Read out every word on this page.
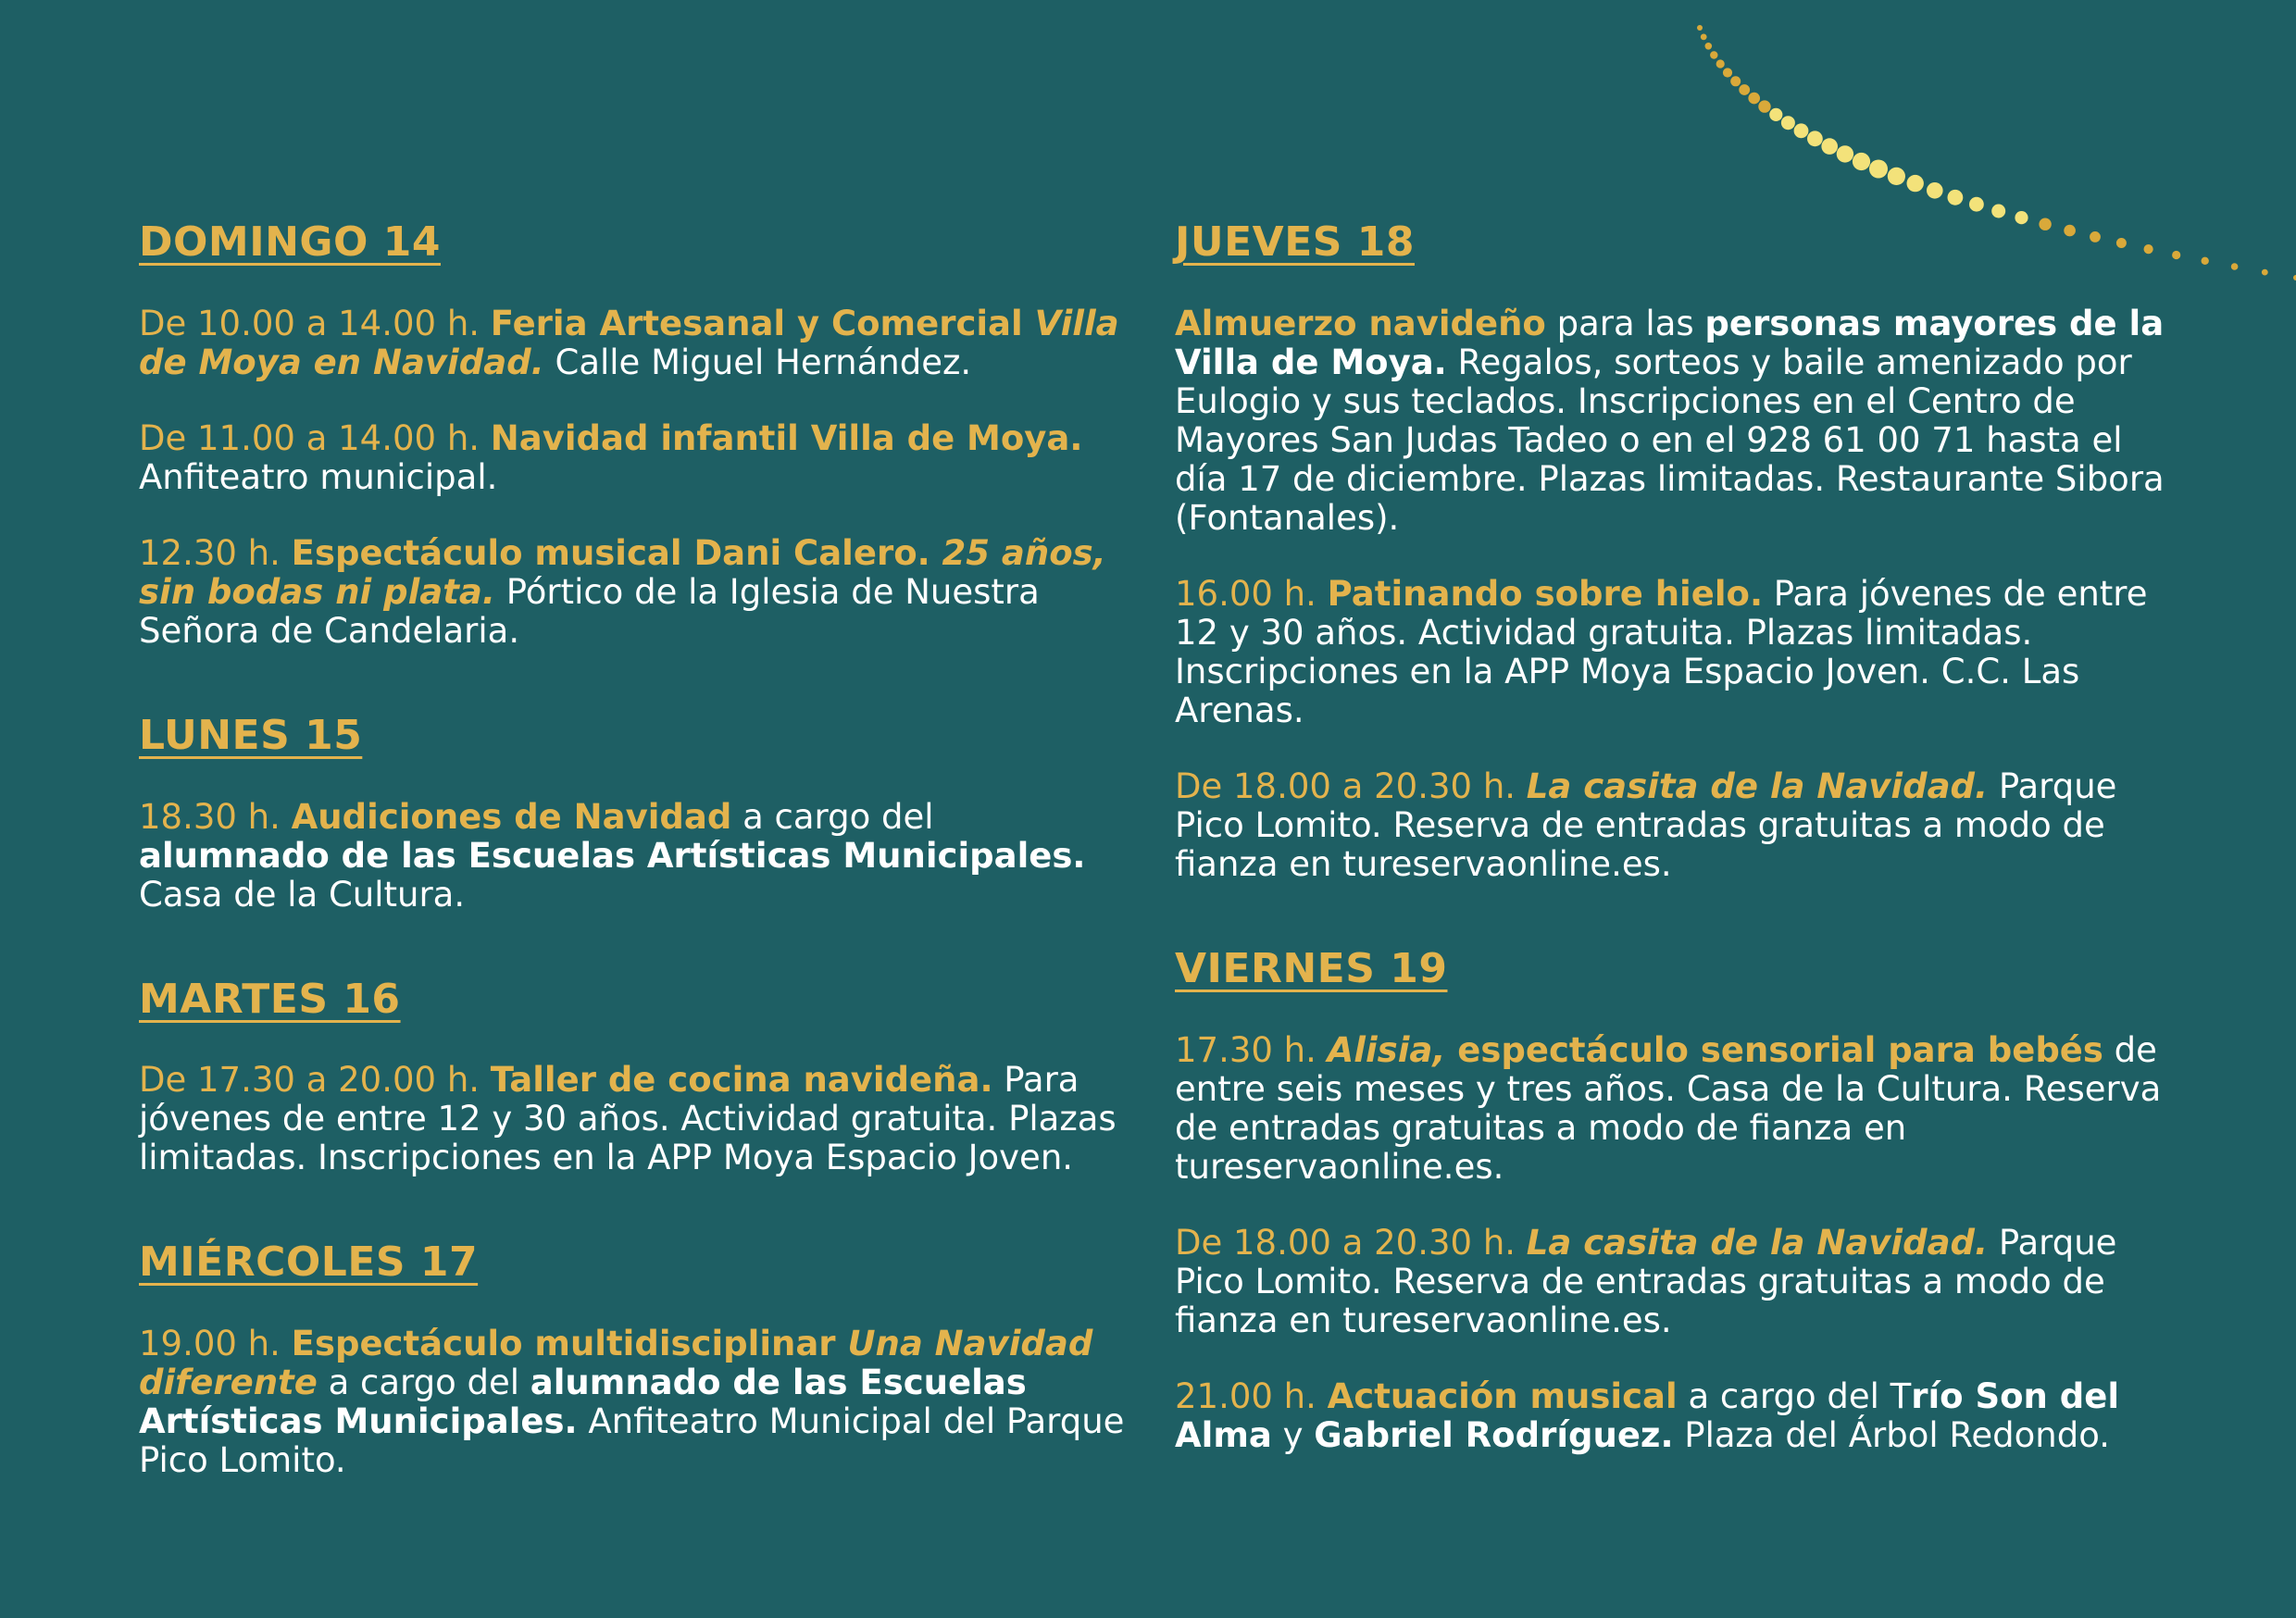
DOMINGO 14

De 10.00 a 14.00 h. Feria Artesanal y Comercial Villa de Moya en Navidad. Calle Miguel Hernández.

De 11.00 a 14.00 h. Navidad infantil Villa de Moya. Anfiteatro municipal.

12.30 h. Espectáculo musical Dani Calero. 25 años, sin bodas ni plata. Pórtico de la Iglesia de Nuestra Señora de Candelaria.

LUNES 15

18.30 h. Audiciones de Navidad a cargo del alumnado de las Escuelas Artísticas Municipales. Casa de la Cultura.

MARTES 16

De 17.30 a 20.00 h. Taller de cocina navideña. Para jóvenes de entre 12 y 30 años. Actividad gratuita. Plazas limitadas. Inscripciones en la APP Moya Espacio Joven.

MIÉRCOLES 17

19.00 h. Espectáculo multidisciplinar Una Navidad diferente a cargo del alumnado de las Escuelas Artísticas Municipales. Anfiteatro Municipal del Parque Pico Lomito.

JUEVES 18

Almuerzo navideño para las personas mayores de la Villa de Moya. Regalos, sorteos y baile amenizado por Eulogio y sus teclados. Inscripciones en el Centro de Mayores San Judas Tadeo o en el 928 61 00 71 hasta el día 17 de diciembre. Plazas limitadas. Restaurante Sibora (Fontanales).

16.00 h. Patinando sobre hielo. Para jóvenes de entre 12 y 30 años. Actividad gratuita. Plazas limitadas. Inscripciones en la APP Moya Espacio Joven. C.C. Las Arenas.

De 18.00 a 20.30 h. La casita de la Navidad. Parque Pico Lomito. Reserva de entradas gratuitas a modo de fianza en tureservaonline.es.

VIERNES 19

17.30 h. Alisia, espectáculo sensorial para bebés de entre seis meses y tres años. Casa de la Cultura. Reserva de entradas gratuitas a modo de fianza en tureservaonline.es.

De 18.00 a 20.30 h. La casita de la Navidad. Parque Pico Lomito. Reserva de entradas gratuitas a modo de fianza en tureservaonline.es.

21.00 h. Actuación musical a cargo del Trío Son del Alma y Gabriel Rodríguez. Plaza del Árbol Redondo.
